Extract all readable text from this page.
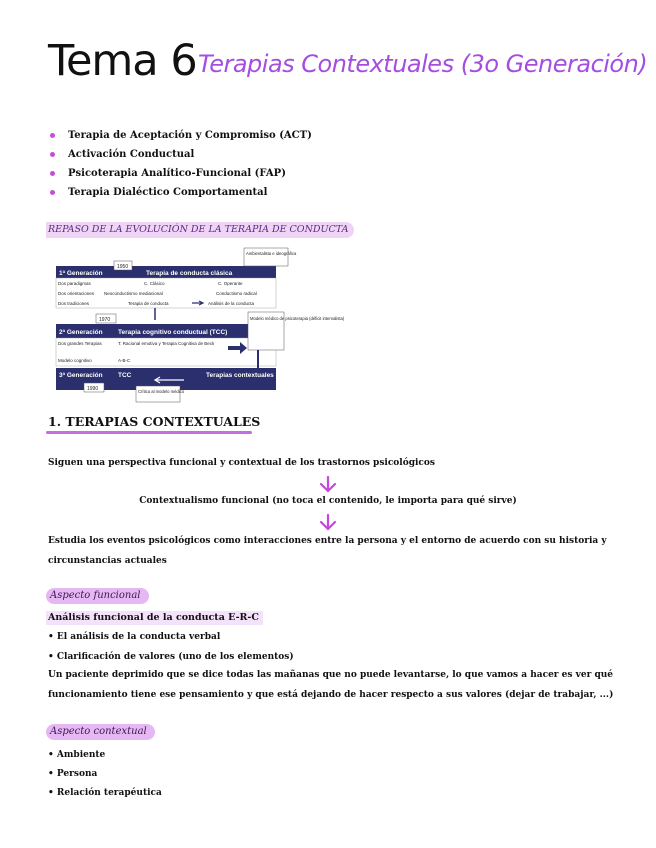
Tema 6 Terapias Contextuales (3o Generación)
Terapia de Aceptación y Compromiso (ACT)
Activación Conductual
Psicoterapia Analítico-Funcional (FAP)
Terapia Dialéctico Comportamental
REPASO DE LA EVOLUCIÓN DE LA TERAPIA DE CONDUCTA
1ª Generación	Terapia de conducta clásica
1950
Ambientalista e ideográfica
Dos paradigmas	C. Clásico	C. Operante
Dos orientaciones Neoconductismo mediacional	Conductismo radical
Dos tradiciones	Terapia de conducta	Análisis de la conducta
1970
2ª Generación Terapia cognitivo conductual (TCC)
Dos grandes Terapias	T. Racional emotiva y Terapia Cognitiva de Beck
Modelo cognitivo	A-B-C
Modelo médico de psicoterapia (déficit internalista)
3ª Generación TCC	Terapias contextuales
1990	Crítica al modelo médico
1. TERAPIAS CONTEXTUALES
Siguen una perspectiva funcional y contextual de los trastornos psicológicos
Contextualismo funcional (no toca el contenido, le importa para qué sirve)
Estudia los eventos psicológicos como interacciones entre la persona y el entorno de acuerdo con su historia y
circunstancias actuales
Aspecto funcional
Análisis funcional de la conducta E-R-C
• El análisis de la conducta verbal
• Clarificación de valores (uno de los elementos)
Un paciente deprimido que se dice todas las mañanas que no puede levantarse, lo que vamos a hacer es ver qué
funcionamiento tiene ese pensamiento y que está dejando de hacer respecto a sus valores (dejar de trabajar, ...)
Aspecto contextual
• Ambiente
• Persona
• Relación terapéutica
